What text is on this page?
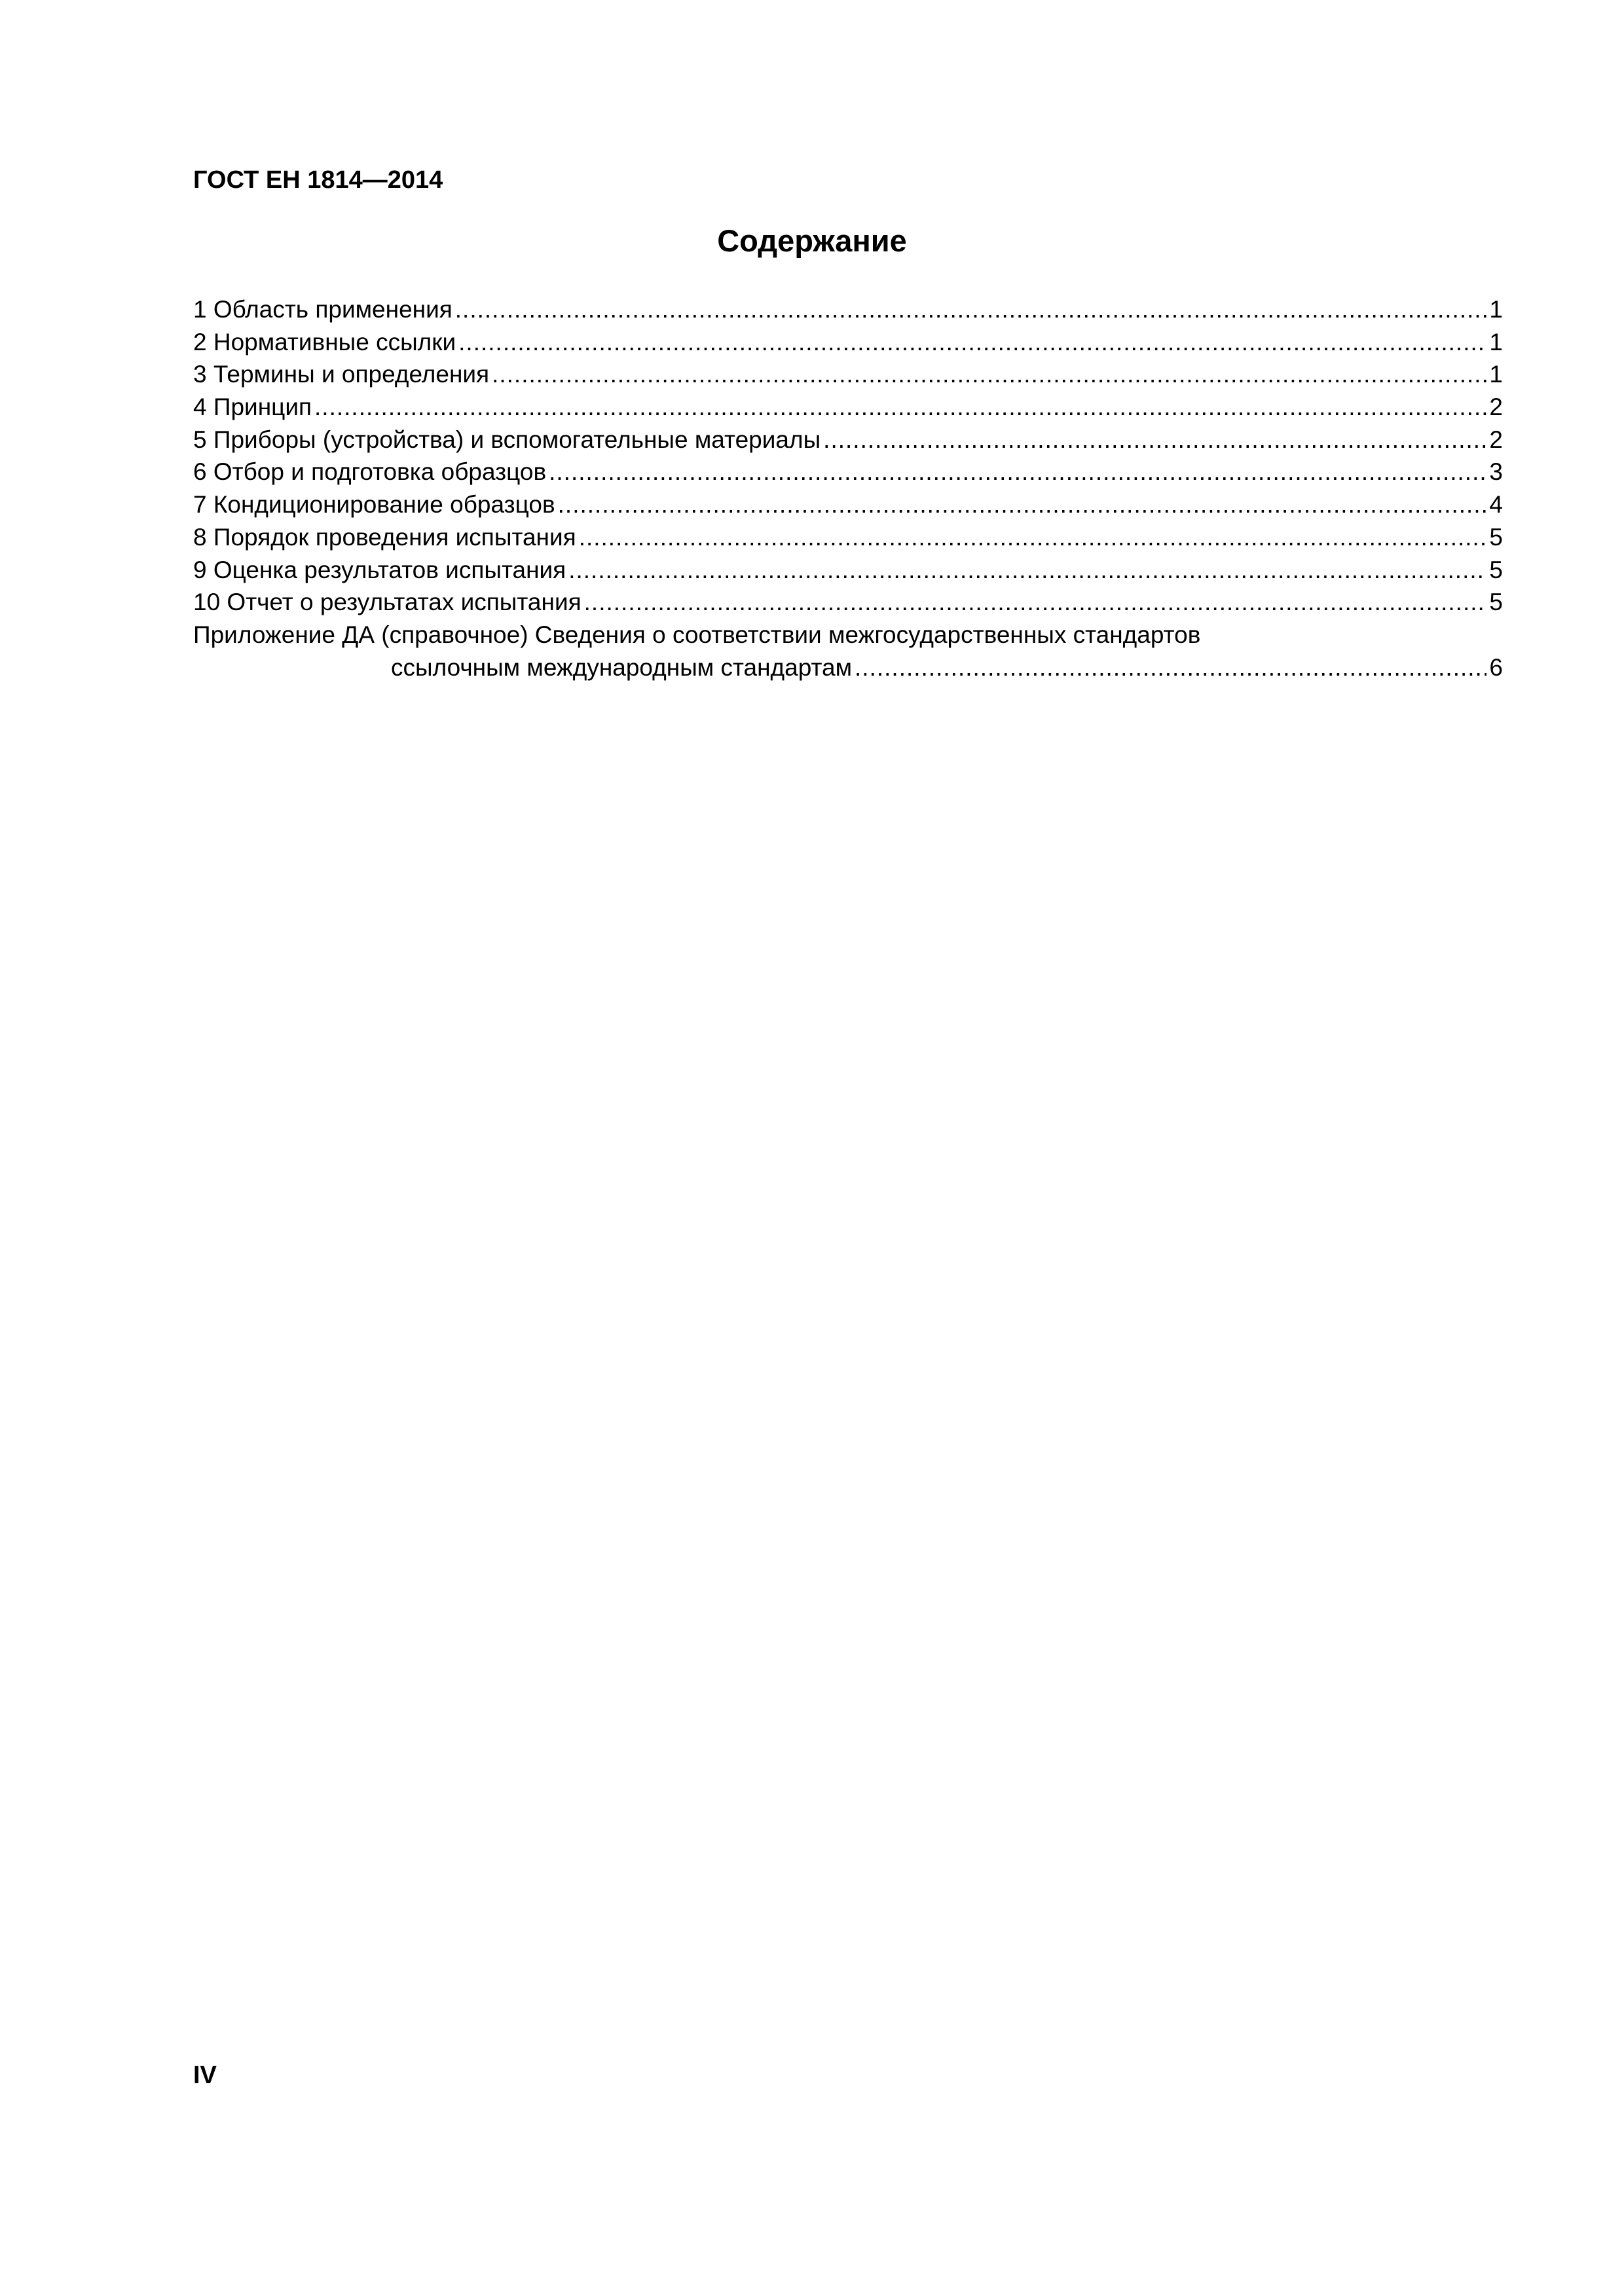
ГОСТ ЕН 1814—2014
Содержание
1 Область применения .....	1
2 Нормативные ссылки .....	1
3 Термины и определения .....	1
4 Принцип .....	2
5 Приборы (устройства) и вспомогательные материалы .....	2
6 Отбор и подготовка образцов .....	3
7 Кондиционирование образцов .....	4
8 Порядок проведения испытания .....	5
9 Оценка результатов испытания .....	5
10 Отчет о результатах испытания .....	5
Приложение ДА (справочное) Сведения о соответствии межгосударственных стандартов
ссылочным международным стандартам .....	6
IV
